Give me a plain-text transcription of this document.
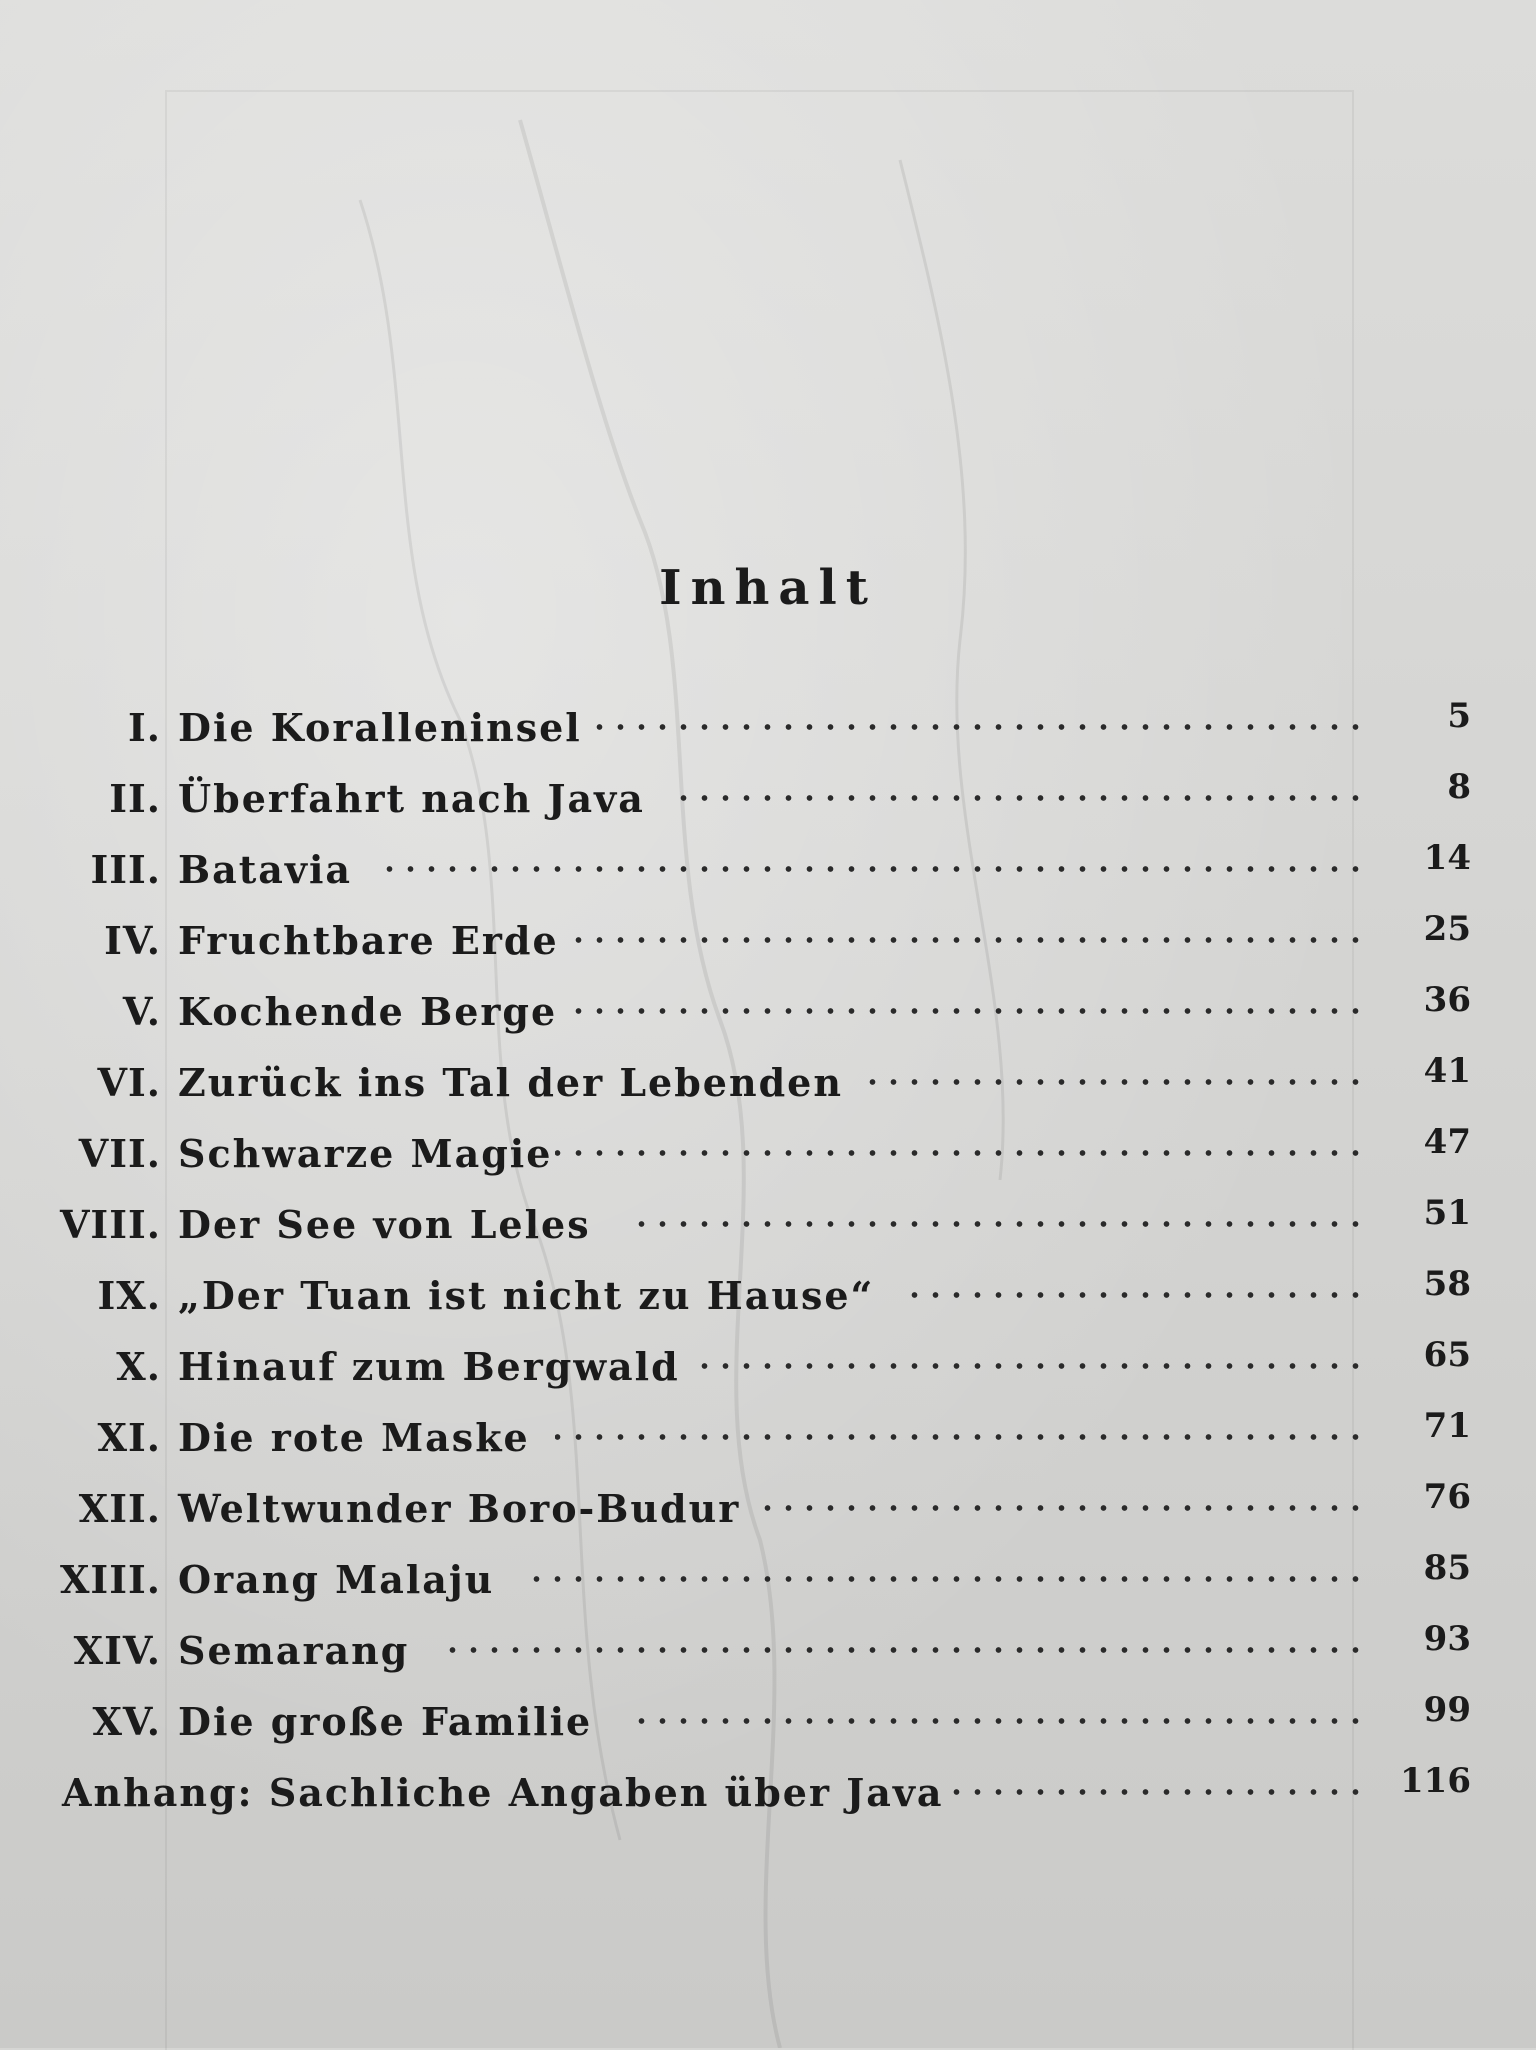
Inhalt
I. Die Koralleninsel	5
II. Überfahrt nach Java	8
III. Batavia	14
IV. Fruchtbare Erde	25
V. Kochende Berge	36
VI. Zurück ins Tal der Lebenden	41
VII. Schwarze Magie	47
VIII. Der See von Leles	51
IX. „Der Tuan ist nicht zu Hause“	58
X. Hinauf zum Bergwald	65
XI. Die rote Maske	71
XII. Weltwunder Boro-Budur	76
XIII. Orang Malaju	85
XIV. Semarang	93
XV. Die große Familie	99
Anhang: Sachliche Angaben über Java	116
